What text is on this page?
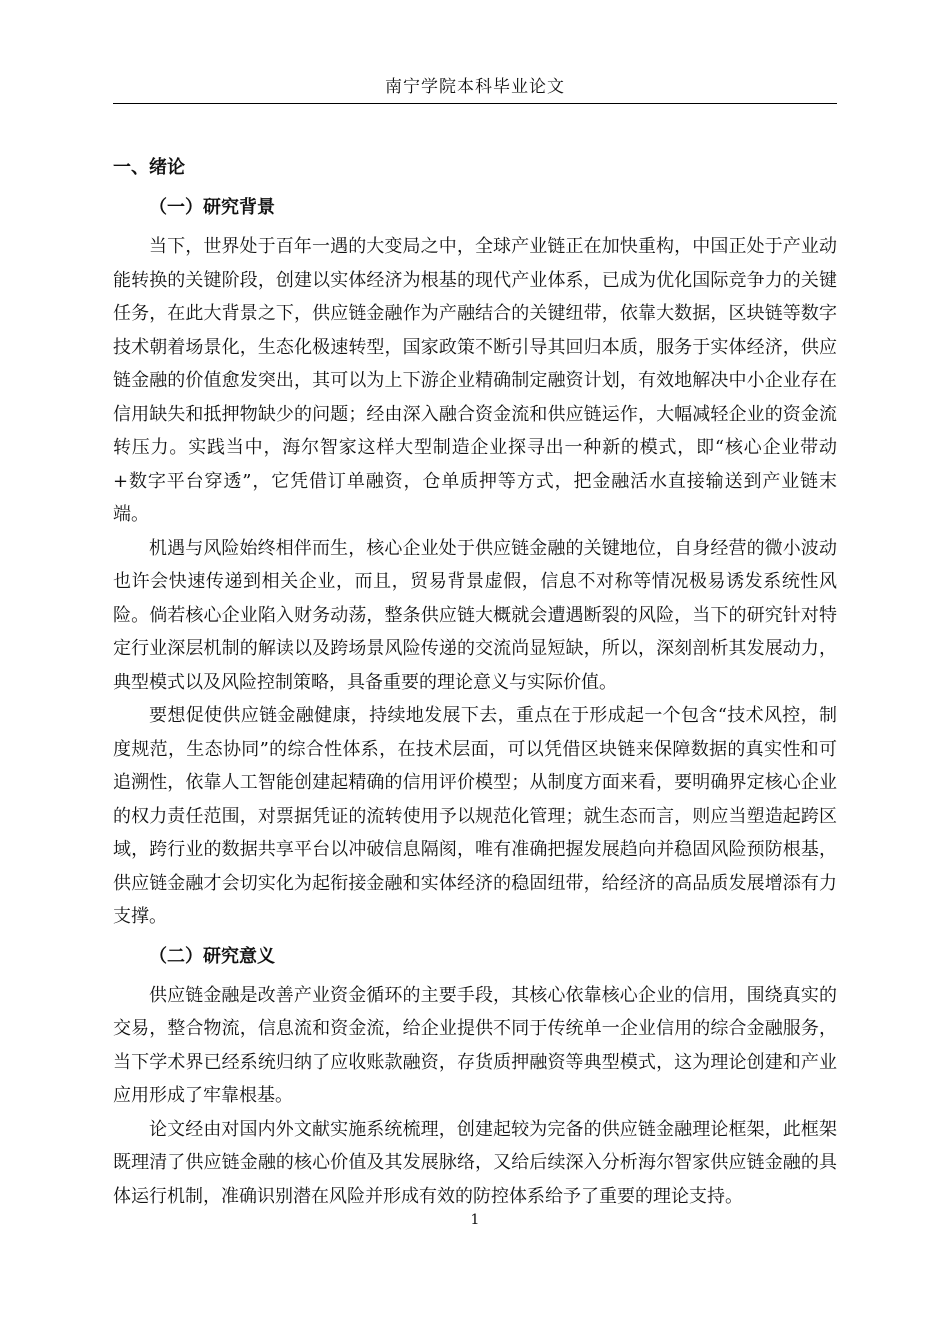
南宁学院本科毕业论文
一、绪论
（一）研究背景

当下，世界处于百年一遇的大变局之中，全球产业链正在加快重构，中国正处于产业动能转换的关键阶段，创建以实体经济为根基的现代产业体系，已成为优化国际竞争力的关键任务，在此大背景之下，供应链金融作为产融结合的关键纽带，依靠大数据，区块链等数字技术朝着场景化，生态化极速转型，国家政策不断引导其回归本质，服务于实体经济，供应链金融的价值愈发突出，其可以为上下游企业精确制定融资计划，有效地解决中小企业存在信用缺失和抵押物缺少的问题；经由深入融合资金流和供应链运作，大幅减轻企业的资金流转压力。实践当中，海尔智家这样大型制造企业探寻出一种新的模式，即“核心企业带动+数字平台穿透”，它凭借订单融资，仓单质押等方式，把金融活水直接输送到产业链末端。

机遇与风险始终相伴而生，核心企业处于供应链金融的关键地位，自身经营的微小波动也许会快速传递到相关企业，而且，贸易背景虚假，信息不对称等情况极易诱发系统性风险。倘若核心企业陷入财务动荡，整条供应链大概就会遭遇断裂的风险，当下的研究针对特定行业深层机制的解读以及跨场景风险传递的交流尚显短缺，所以，深刻剖析其发展动力，典型模式以及风险控制策略，具备重要的理论意义与实际价值。

要想促使供应链金融健康，持续地发展下去，重点在于形成起一个包含“技术风控，制度规范，生态协同”的综合性体系，在技术层面，可以凭借区块链来保障数据的真实性和可追溯性，依靠人工智能创建起精确的信用评价模型；从制度方面来看，要明确界定核心企业的权力责任范围，对票据凭证的流转使用予以规范化管理；就生态而言，则应当塑造起跨区域，跨行业的数据共享平台以冲破信息隔阂，唯有准确把握发展趋向并稳固风险预防根基，供应链金融才会切实化为起衔接金融和实体经济的稳固纽带，给经济的高品质发展增添有力支撑。

（二）研究意义

供应链金融是改善产业资金循环的主要手段，其核心依靠核心企业的信用，围绕真实的交易，整合物流，信息流和资金流，给企业提供不同于传统单一企业信用的综合金融服务，当下学术界已经系统归纳了应收账款融资，存货质押融资等典型模式，这为理论创建和产业应用形成了牢靠根基。

论文经由对国内外文献实施系统梳理，创建起较为完备的供应链金融理论框架，此框架既理清了供应链金融的核心价值及其发展脉络，又给后续深入分析海尔智家供应链金融的具体运行机制，准确识别潜在风险并形成有效的防控体系给予了重要的理论支持。

1
